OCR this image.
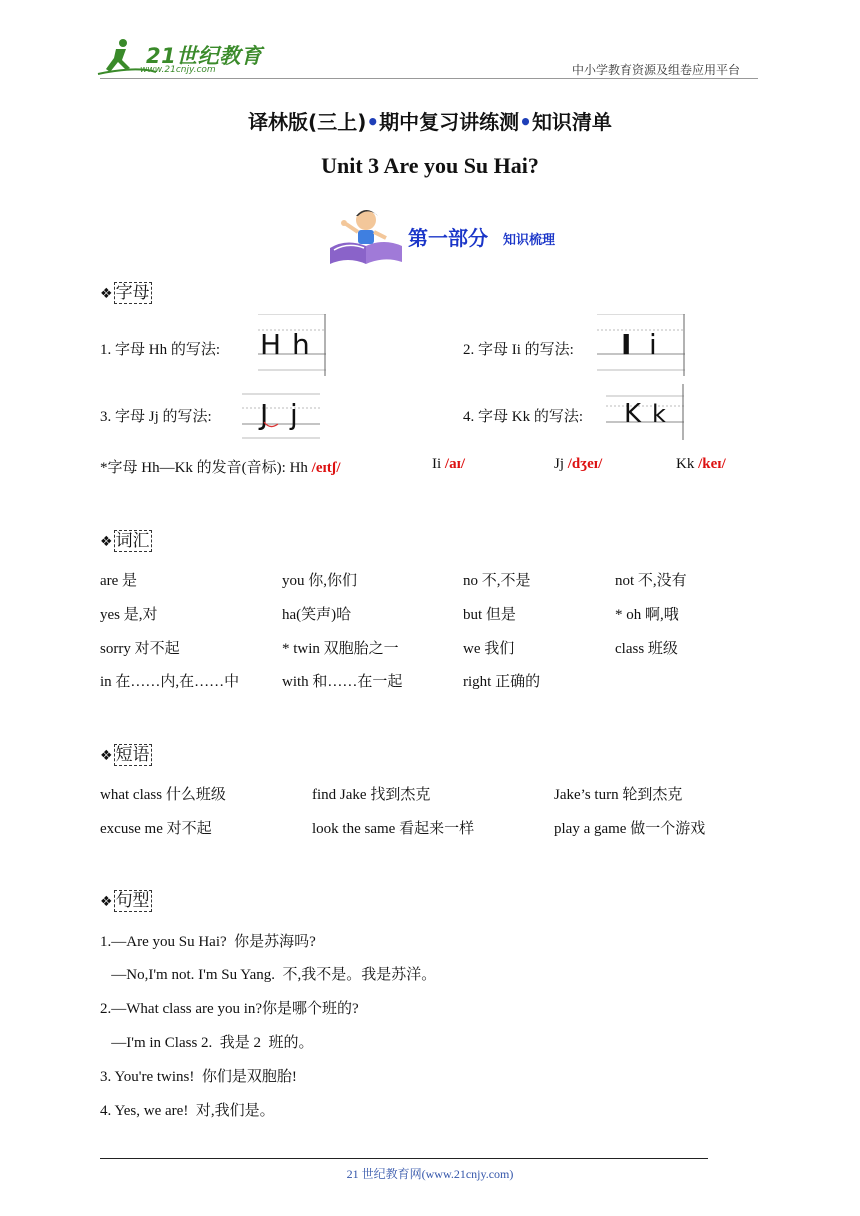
21世纪教育
www.21cnjy.com	中小学教育资源及组卷应用平台
译林版(三上)•期中复习讲练测•知识清单
Unit 3 Are you Su Hai?
第一部分 知识梳理
❖ 字母
1. 字母 Hh 的写法: H h	2. 字母 Ii 的写法: I i
3. 字母 Jj 的写法: J j	4. 字母 Kk 的写法: K k
*字母 Hh—Kk 的发音(音标): Hh /eɪtʃ/	Ii /aɪ/	Jj /dʒeɪ/	Kk /keɪ/
❖ 词汇
are 是	you 你,你们	no 不,不是	not 不,没有
yes 是,对	ha(笑声)哈	but 但是	* oh 啊,哦
sorry 对不起	* twin 双胞胎之一	we 我们	class 班级
in 在……内,在……中	with 和……在一起	right 正确的
❖ 短语
what class 什么班级	find Jake 找到杰克	Jake’s turn 轮到杰克
excuse me 对不起	look the same 看起来一样	play a game 做一个游戏
❖ 句型
1.—Are you Su Hai?  你是苏海吗?
—No,I'm not. I'm Su Yang.  不,我不是。我是苏洋。
2.—What class are you in?你是哪个班的?
—I'm in Class 2.  我是 2  班的。
3. You're twins!  你们是双胞胎!
4. Yes, we are!  对,我们是。
21 世纪教育网(www.21cnjy.com)
